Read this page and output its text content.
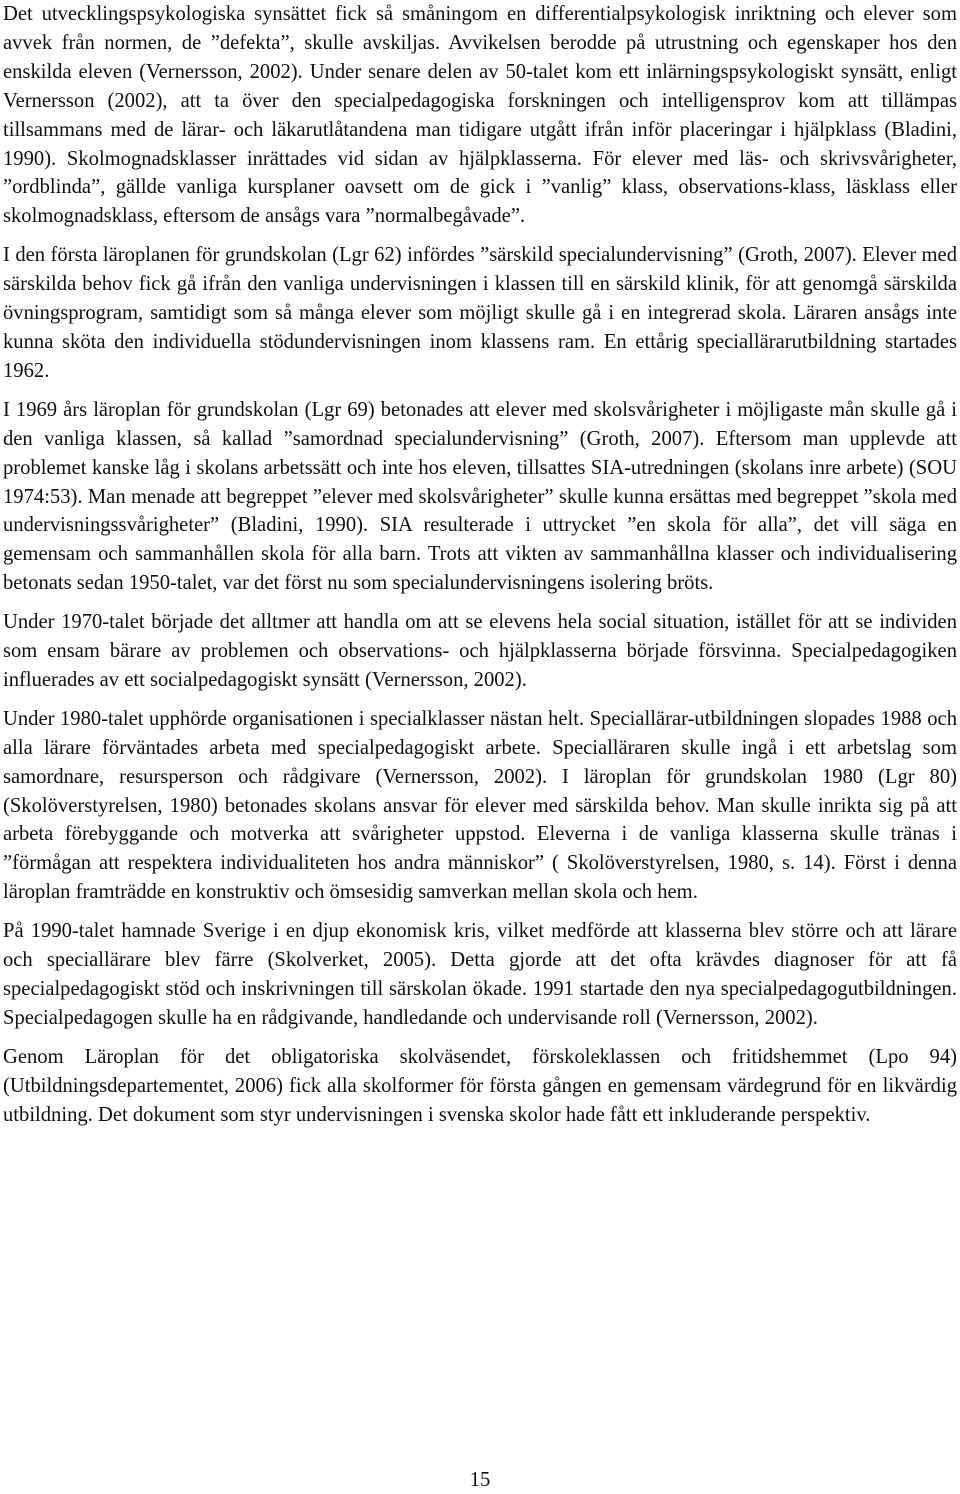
Det utvecklingspsykologiska synsättet fick så småningom en differentialpsykologisk inriktning och elever som avvek från normen, de ”defekta”, skulle avskiljas. Avvikelsen berodde på utrustning och egenskaper hos den enskilda eleven (Vernersson, 2002). Under senare delen av 50-talet kom ett inlärningspsykologiskt synsätt, enligt Vernersson (2002), att ta över den specialpedagogiska forskningen och intelligensprov kom att tillämpas tillsammans med de lärar- och läkarutlåtandena man tidigare utgått ifrån inför placeringar i hjälpklass (Bladini, 1990). Skolmognadsklasser inrättades vid sidan av hjälpklasserna. För elever med läs- och skrivsvårigheter, ”ordblinda”, gällde vanliga kursplaner oavsett om de gick i ”vanlig” klass, observations-klass, läsklass eller skolmognadsklass, eftersom de ansågs vara ”normalbegåvade”.

I den första läroplanen för grundskolan (Lgr 62) infördes ”särskild specialundervisning” (Groth, 2007). Elever med särskilda behov fick gå ifrån den vanliga undervisningen i klassen till en särskild klinik, för att genomgå särskilda övningsprogram, samtidigt som så många elever som möjligt skulle gå i en integrerad skola. Läraren ansågs inte kunna sköta den individuella stödundervisningen inom klassens ram. En ettårig speciallärarutbildning startades 1962.

I 1969 års läroplan för grundskolan (Lgr 69) betonades att elever med skolsvårigheter i möjligaste mån skulle gå i den vanliga klassen, så kallad ”samordnad specialundervisning” (Groth, 2007). Eftersom man upplevde att problemet kanske låg i skolans arbetssätt och inte hos eleven, tillsattes SIA-utredningen (skolans inre arbete) (SOU 1974:53). Man menade att begreppet ”elever med skolsvårigheter” skulle kunna ersättas med begreppet ”skola med undervisningssvårigheter” (Bladini, 1990). SIA resulterade i uttrycket ”en skola för alla”, det vill säga en gemensam och sammanhållen skola för alla barn. Trots att vikten av sammanhållna klasser och individualisering betonats sedan 1950-talet, var det först nu som specialundervisningens isolering bröts.

Under 1970-talet började det alltmer att handla om att se elevens hela social situation, istället för att se individen som ensam bärare av problemen och observations- och hjälpklasserna började försvinna. Specialpedagogiken influerades av ett socialpedagogiskt synsätt (Vernersson, 2002).

Under 1980-talet upphörde organisationen i specialklasser nästan helt. Speciallärar-utbildningen slopades 1988 och alla lärare förväntades arbeta med specialpedagogiskt arbete. Specialläraren skulle ingå i ett arbetslag som samordnare, resursperson och rådgivare (Vernersson, 2002). I läroplan för grundskolan 1980 (Lgr 80) (Skolöverstyrelsen, 1980) betonades skolans ansvar för elever med särskilda behov. Man skulle inrikta sig på att arbeta förebyggande och motverka att svårigheter uppstod. Eleverna i de vanliga klasserna skulle tränas i ”förmågan att respektera individualiteten hos andra människor” ( Skolöverstyrelsen, 1980, s. 14). Först i denna läroplan framträdde en konstruktiv och ömsesidig samverkan mellan skola och hem.

På 1990-talet hamnade Sverige i en djup ekonomisk kris, vilket medförde att klasserna blev större och att lärare och speciallärare blev färre (Skolverket, 2005). Detta gjorde att det ofta krävdes diagnoser för att få specialpedagogiskt stöd och inskrivningen till särskolan ökade. 1991 startade den nya specialpedagogutbildningen. Specialpedagogen skulle ha en rådgivande, handledande och undervisande roll (Vernersson, 2002).

Genom Läroplan för det obligatoriska skolväsendet, förskoleklassen och fritidshemmet (Lpo 94) (Utbildningsdepartementet, 2006) fick alla skolformer för första gången en gemensam värdegrund för en likvärdig utbildning. Det dokument som styr undervisningen i svenska skolor hade fått ett inkluderande perspektiv.

15
